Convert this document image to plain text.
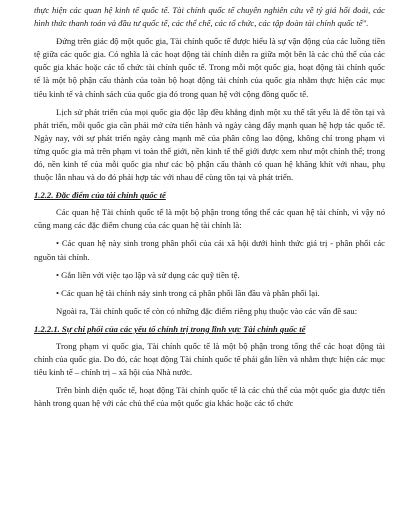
thực hiện các quan hệ kinh tế quốc tế. Tài chính quốc tế chuyên nghiên cứu về tỷ giá hối đoái, các hình thức thanh toán và đầu tư quốc tế, các thể chế, các tổ chức, các tập đoàn tài chính quốc tế".

Đứng trên giác độ một quốc gia, Tài chính quốc tế được hiểu là sự vận động của các luồng tiền tệ giữa các quốc gia. Có nghĩa là các hoạt động tài chính diễn ra giữa một bên là các chủ thể của các quốc gia khác hoặc các tổ chức tài chính quốc tế. Trong mỗi một quốc gia, hoạt động tài chính quốc tế là một bộ phận cấu thành của toàn bộ hoạt động tài chính của quốc gia nhằm thực hiện các mục tiêu kinh tế và chính sách của quốc gia đó trong quan hệ với cộng đồng quốc tế.

Lịch sử phát triển của mọi quốc gia độc lập đều khẳng định một xu thế tất yếu là để tồn tại và phát triển, mỗi quốc gia cần phải mở cửa tiến hành và ngày càng đẩy mạnh quan hệ hợp tác quốc tế. Ngày nay, với sự phát triển ngày càng mạnh mẽ của phân công lao động, không chỉ trong phạm vi từng quốc gia mà trên phạm vi toàn thế giới, nền kinh tế thế giới được xem như một chỉnh thể; trong đó, nền kinh tế của mỗi quốc gia như các bộ phận cấu thành có quan hệ khăng khít với nhau, phụ thuộc lẫn nhau và do đó phải hợp tác với nhau để cùng tồn tại và phát triển.

1.2.2. Đặc điểm của tài chính quốc tế

Các quan hệ Tài chính quốc tế là một bộ phận trong tổng thể các quan hệ tài chính, vì vậy nó cũng mang các đặc điểm chung của các quan hệ tài chính là:

• Các quan hệ này sinh trong phân phối của cải xã hội dưới hình thức giá trị - phân phối các nguồn tài chính.

• Gắn liền với việc tạo lập và sử dụng các quỹ tiền tệ.

• Các quan hệ tài chính nảy sinh trong cả phân phối lần đầu và phân phối lại.

Ngoài ra, Tài chính quốc tế còn có những đặc điểm riêng phụ thuộc vào các vấn đề sau:

1.2.2.1. Sự chi phối của các yếu tố chính trị trong lĩnh vực Tài chính quốc tế

Trong phạm vi quốc gia, Tài chính quốc tế là một bộ phận trong tổng thể các hoạt động tài chính của quốc gia. Do đó, các hoạt động Tài chính quốc tế phải gắn liền và nhằm thực hiện các mục tiêu kinh tế – chính trị – xã hội của Nhà nước.

Trên bình diện quốc tế, hoạt động Tài chính quốc tế là các chủ thể của một quốc gia được tiến hành trong quan hệ với các chủ thể của một quốc gia khác hoặc các tổ chức
